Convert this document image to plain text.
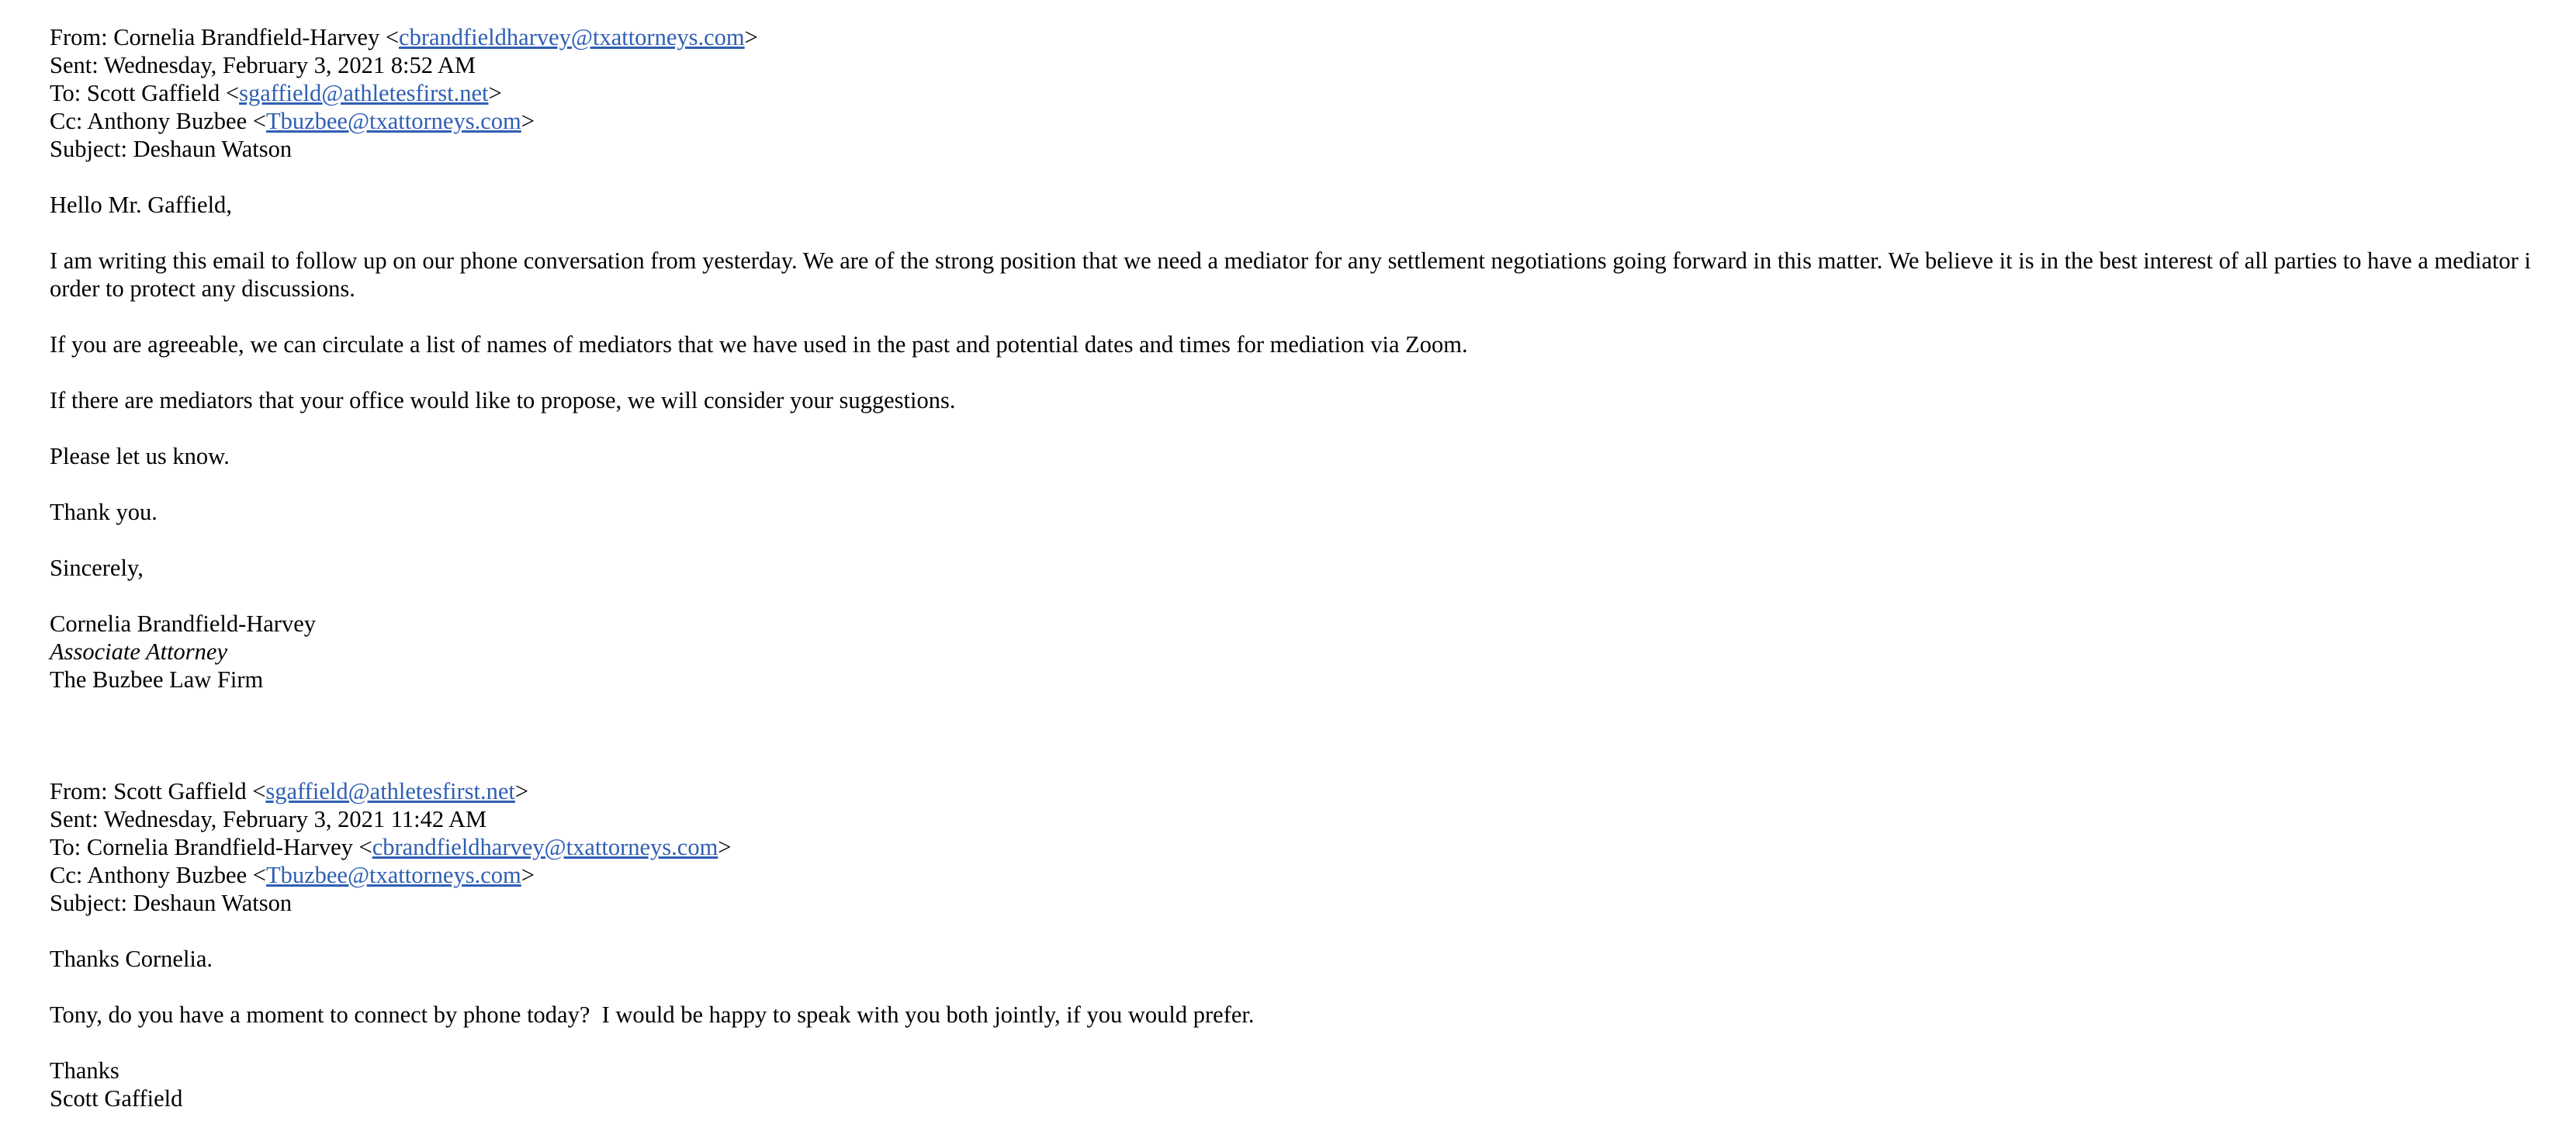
From: Cornelia Brandfield-Harvey <cbrandfieldharvey@txattorneys.com>
Sent: Wednesday, February 3, 2021 8:52 AM
To: Scott Gaffield <sgaffield@athletesfirst.net>
Cc: Anthony Buzbee <Tbuzbee@txattorneys.com>
Subject: Deshaun Watson
Hello Mr. Gaffield,
I am writing this email to follow up on our phone conversation from yesterday. We are of the strong position that we need a mediator for any settlement negotiations going forward in this matter. We believe it is in the best interest of all parties to have a mediator i
order to protect any discussions.
If you are agreeable, we can circulate a list of names of mediators that we have used in the past and potential dates and times for mediation via Zoom.
If there are mediators that your office would like to propose, we will consider your suggestions.
Please let us know.
Thank you.
Sincerely,
Cornelia Brandfield-Harvey
Associate Attorney
The Buzbee Law Firm
From: Scott Gaffield <sgaffield@athletesfirst.net>
Sent: Wednesday, February 3, 2021 11:42 AM
To: Cornelia Brandfield-Harvey <cbrandfieldharvey@txattorneys.com>
Cc: Anthony Buzbee <Tbuzbee@txattorneys.com>
Subject: Deshaun Watson
Thanks Cornelia.
Tony, do you have a moment to connect by phone today?  I would be happy to speak with you both jointly, if you would prefer.
Thanks
Scott Gaffield
